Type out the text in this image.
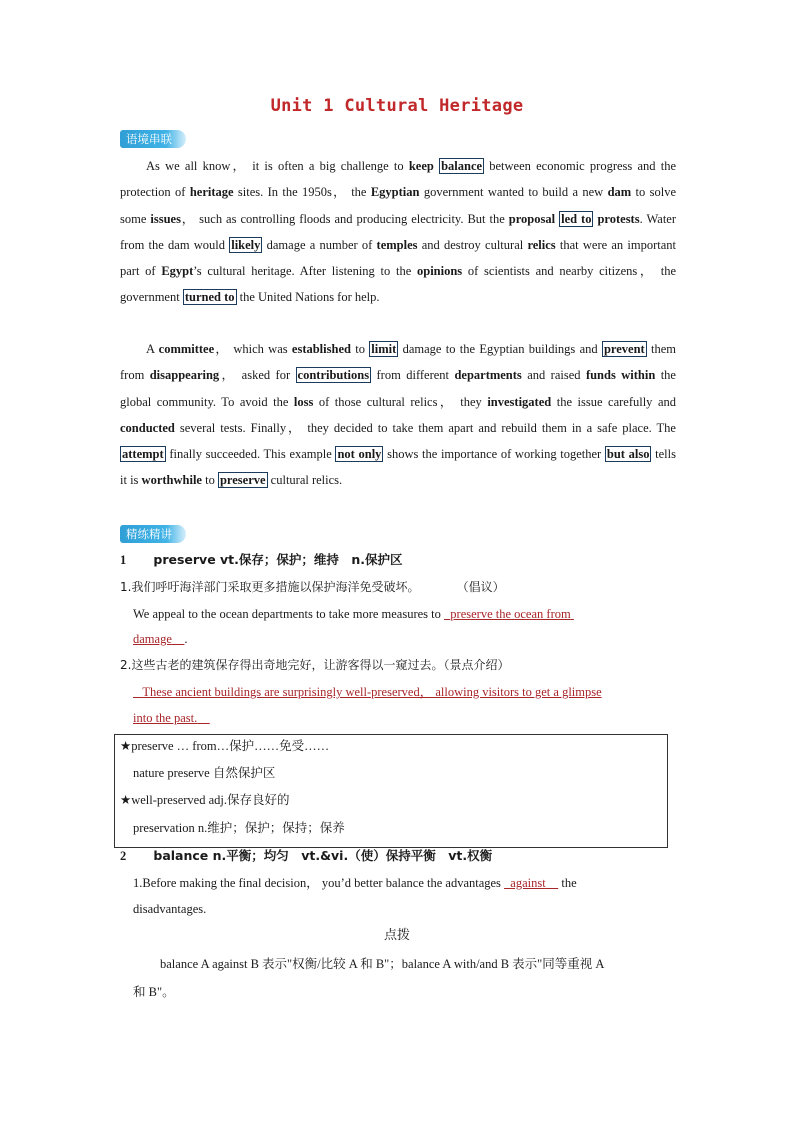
Unit 1 Cultural Heritage
语境串联

As we all know， it is often a big challenge to keep balance between economic progress and the protection of heritage sites. In the 1950s， the Egyptian government wanted to build a new dam to solve some issues， such as controlling floods and producing electricity. But the proposal led to protests. Water from the dam would likely damage a number of temples and destroy cultural relics that were an important part of Egypt’s cultural heritage. After listening to the opinions of scientists and nearby citizens， the government turned to the United Nations for help.

A committee， which was established to limit damage to the Egyptian buildings and prevent them from disappearing， asked for contributions from different departments and raised funds within the global community. To avoid the loss of those cultural relics， they investigated the issue carefully and conducted several tests. Finally， they decided to take them apart and rebuild them in a safe place. The attempt finally succeeded. This example not only shows the importance of working together but also tells it is worthwhile to preserve cultural relics.

精练精讲
1 preserve vt.保存；保护；维持　n.保护区
1.我们呼吁海洋部门采取更多措施以保护海洋免受破坏。	（倡议）
We appeal to the ocean departments to take more measures to   preserve the ocean from
damage .
2.这些古老的建筑保存得出奇地完好，让游客得以一窥过去。（景点介绍）
These ancient buildings are surprisingly well-preserved， allowing visitors to get a glimpse
into the past.
★preserve … from…保护……免受……
nature preserve 自然保护区
★well-preserved adj.保存良好的
preservation n.维护；保护；保持；保养
2 balance n.平衡；均匀　vt.&vi.（使）保持平衡　vt.权衡
1.Before making the final decision， you’d better balance the advantages   against     the
disadvantages.
点拨
balance A against B 表示"权衡/比较 A 和 B"；balance A with/and B 表示"同等重视 A
和 B"。
